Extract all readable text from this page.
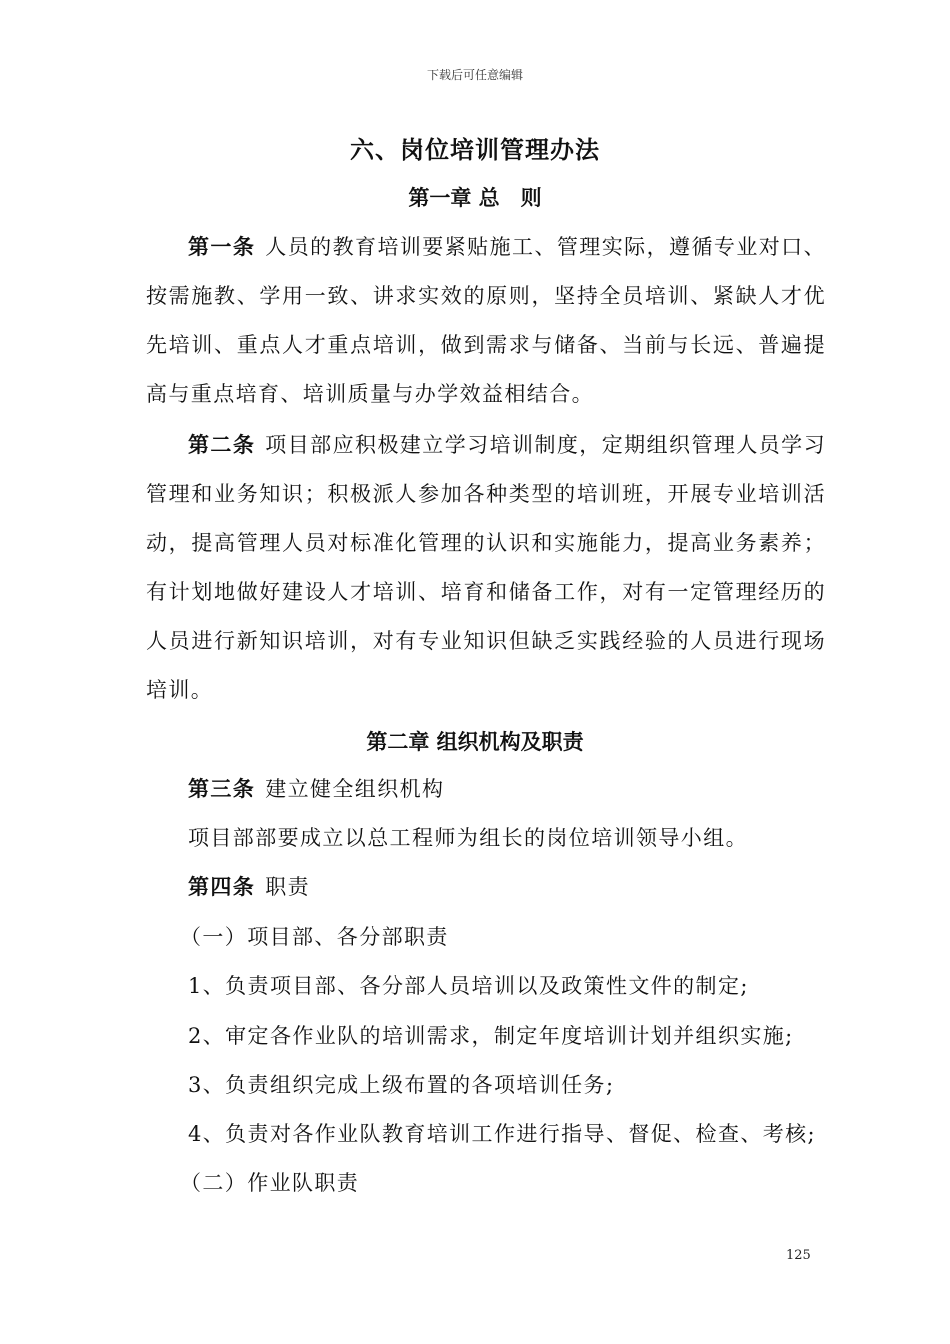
下载后可任意编辑
六、岗位培训管理办法
第一章 总　则

第一条 人员的教育培训要紧贴施工、管理实际，遵循专业对口、按需施教、学用一致、讲求实效的原则，坚持全员培训、紧缺人才优先培训、重点人才重点培训，做到需求与储备、当前与长远、普遍提高与重点培育、培训质量与办学效益相结合。

第二条 项目部应积极建立学习培训制度，定期组织管理人员学习管理和业务知识；积极派人参加各种类型的培训班，开展专业培训活动，提高管理人员对标准化管理的认识和实施能力，提高业务素养；有计划地做好建设人才培训、培育和储备工作，对有一定管理经历的人员进行新知识培训，对有专业知识但缺乏实践经验的人员进行现场培训。

第二章 组织机构及职责
第三条 建立健全组织机构
项目部部要成立以总工程师为组长的岗位培训领导小组。
第四条 职责
（一）项目部、各分部职责
1、负责项目部、各分部人员培训以及政策性文件的制定;
2、审定各作业队的培训需求，制定年度培训计划并组织实施;
3、负责组织完成上级布置的各项培训任务;
4、负责对各作业队教育培训工作进行指导、督促、检查、考核;
（二）作业队职责
125
